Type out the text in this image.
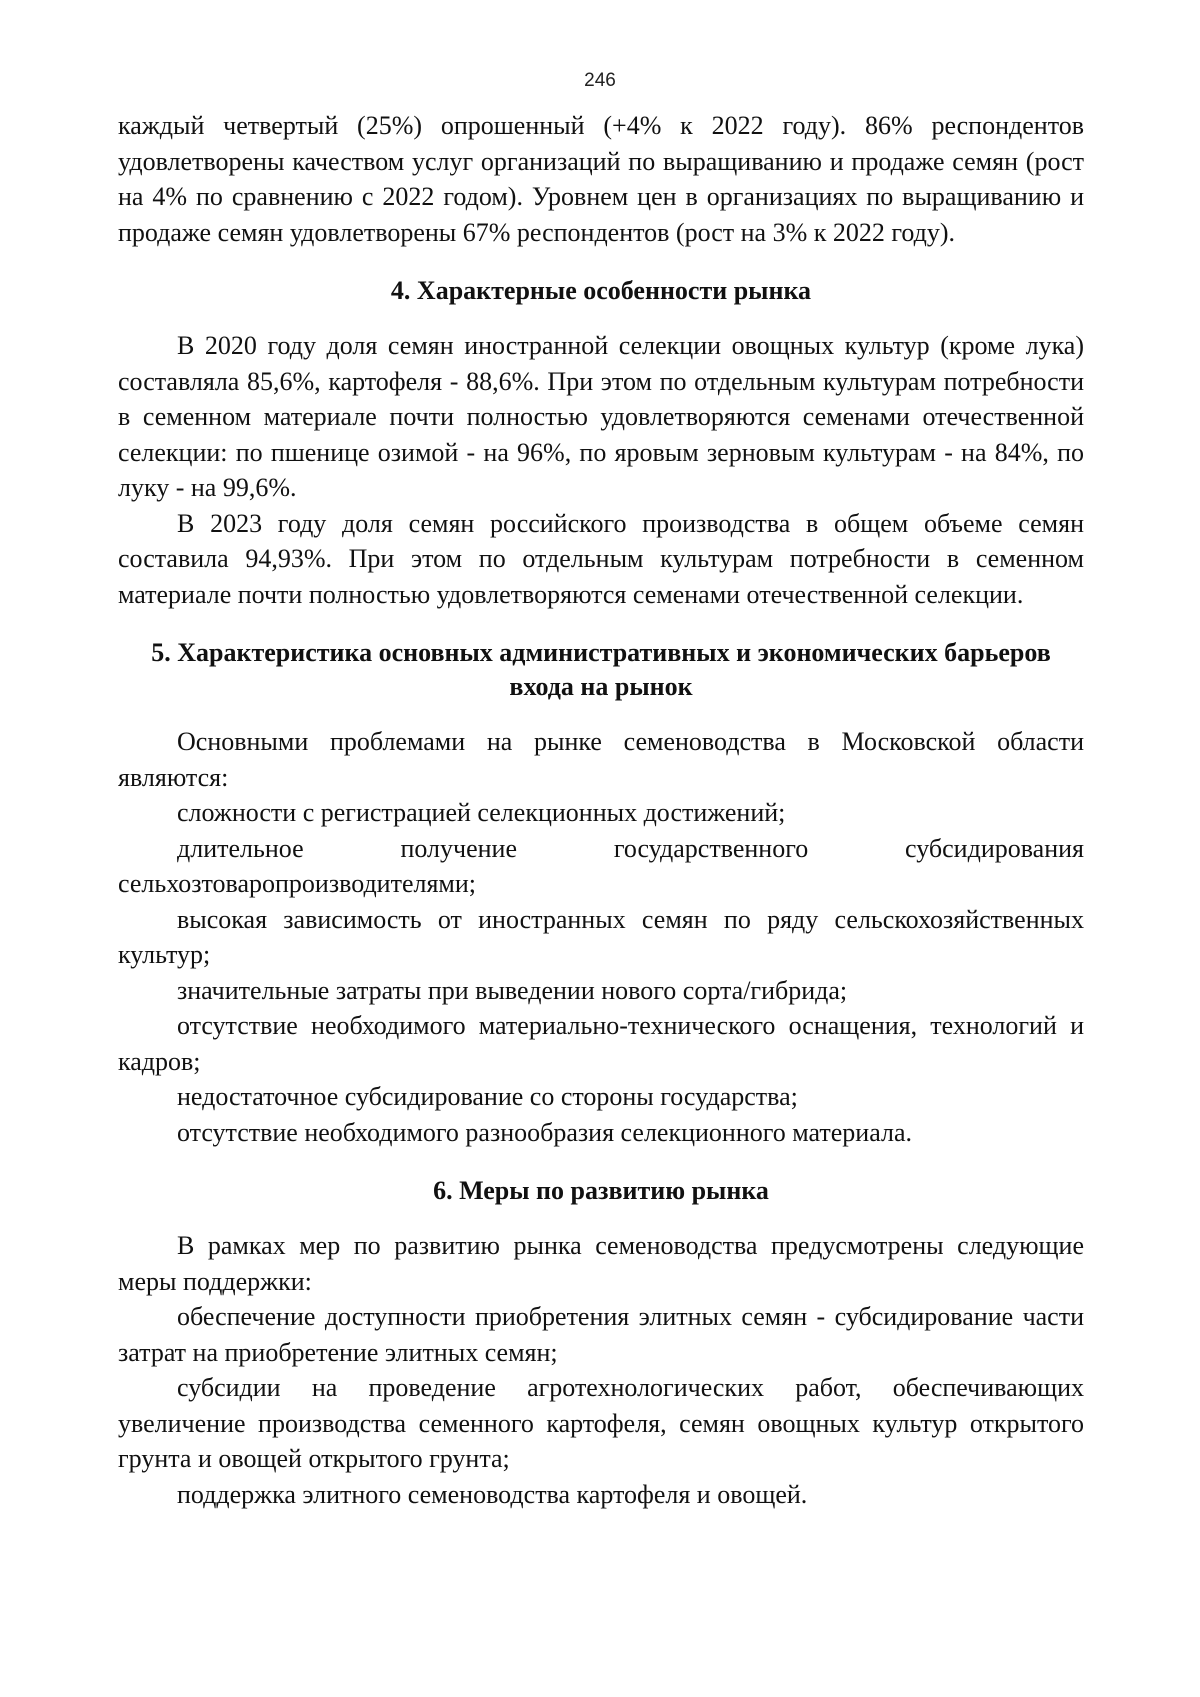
246

каждый четвертый (25%) опрошенный (+4% к 2022 году). 86% респондентов удовлетворены качеством услуг организаций по выращиванию и продаже семян (рост на 4% по сравнению с 2022 годом). Уровнем цен в организациях по выращиванию и продаже семян удовлетворены 67% респондентов (рост на 3% к 2022 году).

4. Характерные особенности рынка

В 2020 году доля семян иностранной селекции овощных культур (кроме лука) составляла 85,6%, картофеля - 88,6%. При этом по отдельным культурам потребности в семенном материале почти полностью удовлетворяются семенами отечественной селекции: по пшенице озимой - на 96%, по яровым зерновым культурам - на 84%, по луку - на 99,6%.

В 2023 году доля семян российского производства в общем объеме семян составила 94,93%. При этом по отдельным культурам потребности в семенном материале почти полностью удовлетворяются семенами отечественной селекции.

5. Характеристика основных административных и экономических барьеров
входа на рынок

Основными проблемами на рынке семеноводства в Московской области являются:

сложности с регистрацией селекционных достижений;

длительное получение государственного субсидирования сельхозтоваропроизводителями;

высокая зависимость от иностранных семян по ряду сельскохозяйственных культур;

значительные затраты при выведении нового сорта/гибрида;

отсутствие необходимого материально-технического оснащения, технологий и кадров;

недостаточное субсидирование со стороны государства;

отсутствие необходимого разнообразия селекционного материала.

6. Меры по развитию рынка

В рамках мер по развитию рынка семеноводства предусмотрены следующие меры поддержки:

обеспечение доступности приобретения элитных семян - субсидирование части затрат на приобретение элитных семян;

субсидии на проведение агротехнологических работ, обеспечивающих увеличение производства семенного картофеля, семян овощных культур открытого грунта и овощей открытого грунта;

поддержка элитного семеноводства картофеля и овощей.
